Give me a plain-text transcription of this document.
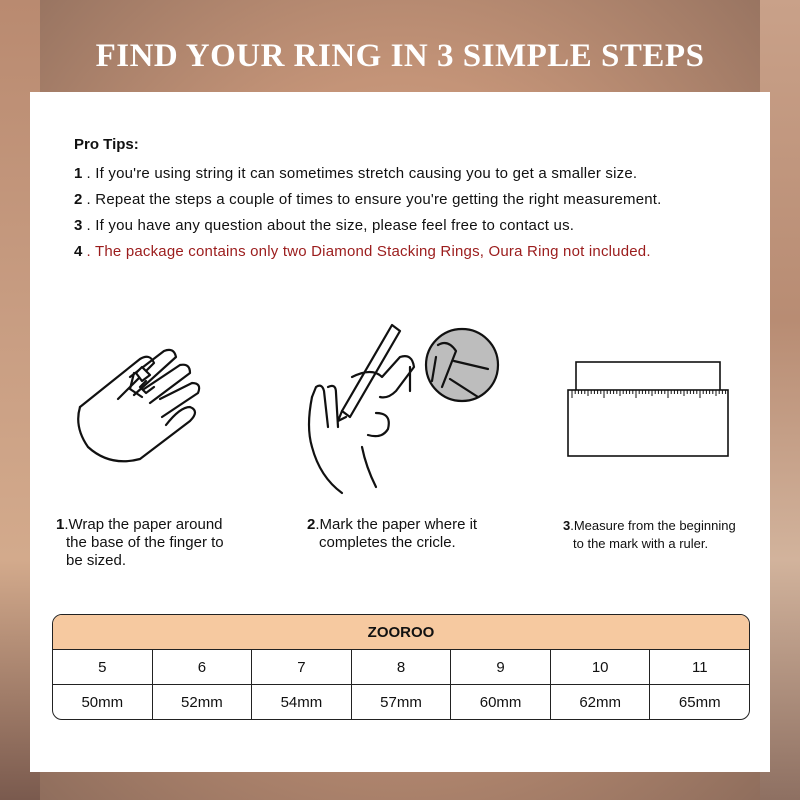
FIND YOUR RING IN 3 SIMPLE STEPS
Pro Tips:
1 . If you're using string it can sometimes stretch causing you to get a smaller size.
2 . Repeat the steps a couple of times to ensure you're getting the right measurement.
3 . If you have any question about the size, please feel free to contact us.
4 . The package contains only two Diamond Stacking Rings, Oura Ring not included.
1.Wrap the paper around
the base of the finger to
be sized.
2.Mark the paper where it
completes the cricle.
3.Measure from the beginning
to the mark with a ruler.
ZOOROO
5	6	7	8	9	10	11
50mm	52mm	54mm	57mm	60mm	62mm	65mm
